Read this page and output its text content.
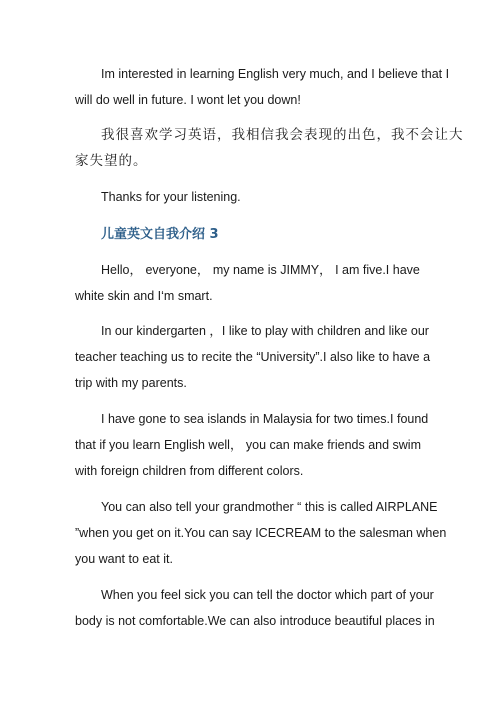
Im interested in learning English very much, and I believe that I
will do well in future. I wont let you down!

我很喜欢学习英语，我相信我会表现的出色，我不会让大
家失望的。

Thanks for your listening.

儿童英文自我介绍 3

Hello， everyone， my name is JIMMY， I am five.I have
white skin and I‘m smart.

In our kindergarten ，I like to play with children and like our
teacher teaching us to recite the “University”.I also like to have a
trip with my parents.

I have gone to sea islands in Malaysia for two times.I found
that if you learn English well， you can make friends and swim
with foreign children from different colors.

You can also tell your grandmother “ this is called AIRPLANE
”when you get on it.You can say ICECREAM to the salesman when
you want to eat it.

When you feel sick you can tell the doctor which part of your
body is not comfortable.We can also introduce beautiful places in
